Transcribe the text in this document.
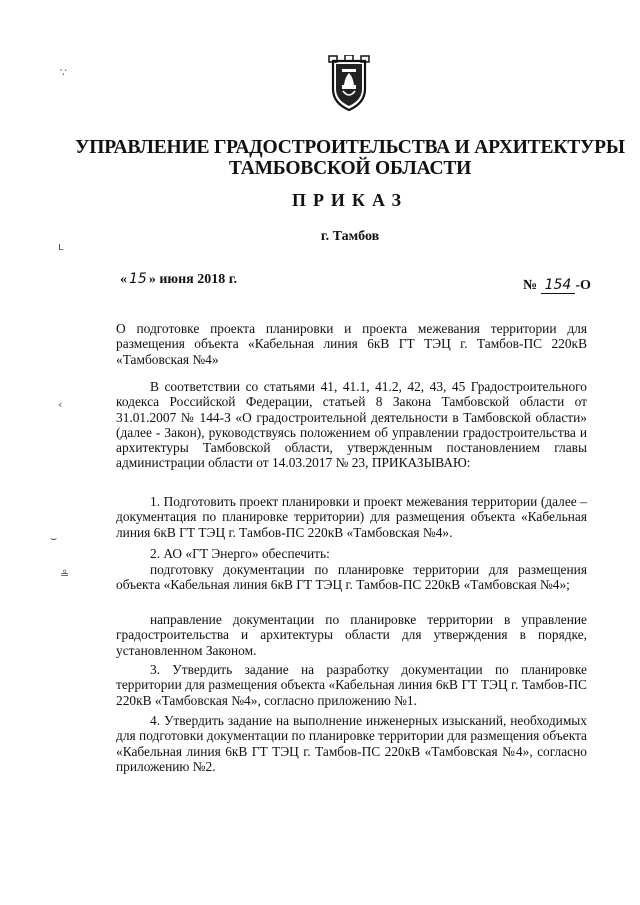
УПРАВЛЕНИЕ ГРАДОСТРОИТЕЛЬСТВА И АРХИТЕКТУРЫ
ТАМБОВСКОЙ ОБЛАСТИ
ПРИКАЗ
г. Тамбов
« 15 » июня 2018 г.	№ 154 -О
О подготовке проекта планировки и проекта межевания территории для размещения объекта «Кабельная линия 6кВ ГТ ТЭЦ г. Тамбов-ПС 220кВ «Тамбовская №4»
В соответствии со статьями 41, 41.1, 41.2, 42, 43, 45 Градостроительного кодекса Российской Федерации, статьей 8 Закона Тамбовской области от 31.01.2007 № 144-З «О градостроительной деятельности в Тамбовской области» (далее - Закон), руководствуясь положением об управлении градостроительства и архитектуры Тамбовской области, утвержденным постановлением главы администрации области от 14.03.2017 № 23, ПРИКАЗЫВАЮ:
1. Подготовить проект планировки и проект межевания территории (далее – документация по планировке территории) для размещения объекта «Кабельная линия 6кВ ГТ ТЭЦ г. Тамбов-ПС 220кВ «Тамбовская №4».
2. АО «ГТ Энерго» обеспечить:
подготовку документации по планировке территории для размещения объекта «Кабельная линия 6кВ ГТ ТЭЦ г. Тамбов-ПС 220кВ «Тамбовская №4»;
направление документации по планировке территории в управление градостроительства и архитектуры области для утверждения в порядке, установленном Законом.
3. Утвердить задание на разработку документации по планировке территории для размещения объекта «Кабельная линия 6кВ ГТ ТЭЦ г. Тамбов-ПС 220кВ «Тамбовская №4», согласно приложению №1.
4. Утвердить задание на выполнение инженерных изысканий, необходимых для подготовки документации по планировке территории для размещения объекта «Кабельная линия 6кВ ГТ ТЭЦ г. Тамбов-ПС 220кВ «Тамбовская №4», согласно приложению №2.
∵
ʟ
‹
⌣
≗
